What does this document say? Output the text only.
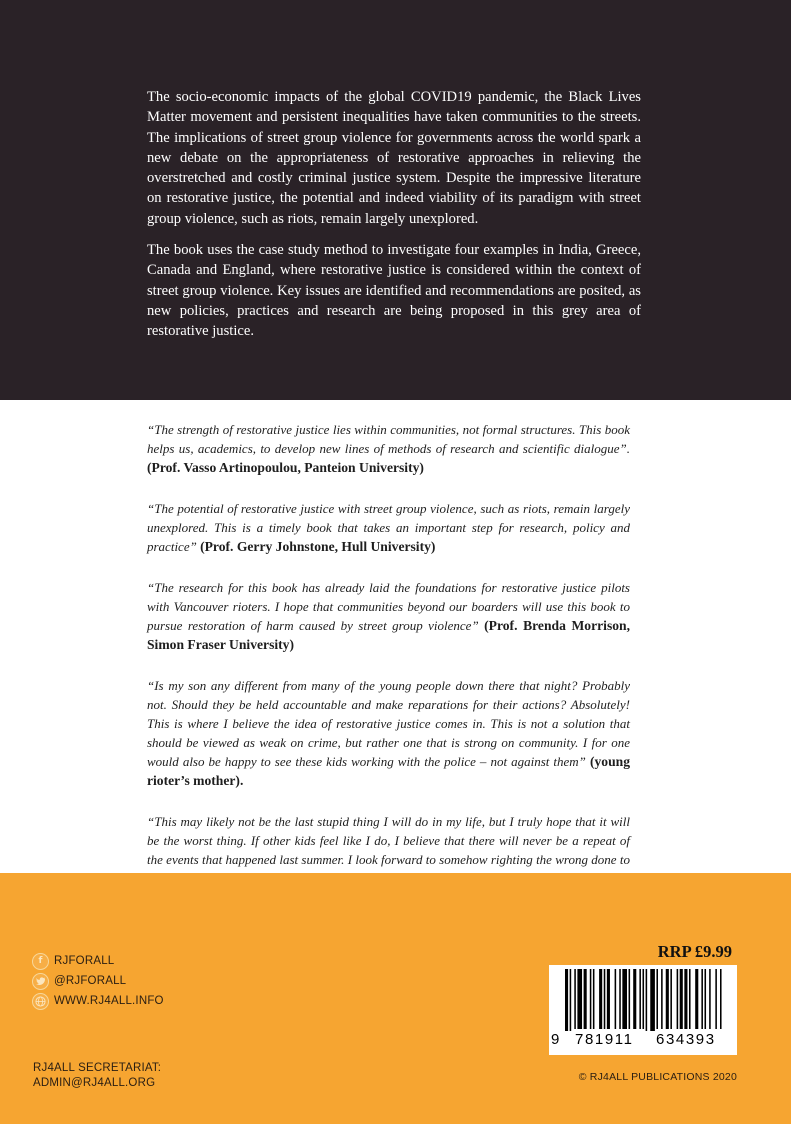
The socio-economic impacts of the global COVID19 pandemic, the Black Lives Matter movement and persistent inequalities have taken communities to the streets. The implications of street group violence for governments across the world spark a new debate on the appropriateness of restorative approaches in relieving the overstretched and costly criminal justice system. Despite the impressive literature on restorative justice, the potential and indeed viability of its paradigm with street group violence, such as riots, remain largely unexplored.

The book uses the case study method to investigate four examples in India, Greece, Canada and England, where restorative justice is considered within the context of street group violence. Key issues are identified and recommendations are posited, as new policies, practices and research are being proposed in this grey area of restorative justice.

“The strength of restorative justice lies within communities, not formal structures. This book helps us, academics, to develop new lines of methods of research and scientific dialogue”. (Prof. Vasso Artinopoulou, Panteion University)
“The potential of restorative justice with street group violence, such as riots, remain largely unexplored. This is a timely book that takes an important step for research, policy and practice” (Prof. Gerry Johnstone, Hull University)
“The research for this book has already laid the foundations for restorative justice pilots with Vancouver rioters. I hope that communities beyond our boarders will use this book to pursue restoration of harm caused by street group violence” (Prof. Brenda Morrison, Simon Fraser University)
“Is my son any different from many of the young people down there that night? Probably not. Should they be held accountable and make reparations for their actions? Absolutely! This is where I believe the idea of restorative justice comes in. This is not a solution that should be viewed as weak on crime, but rather one that is strong on community. I for one would also be happy to see these kids working with the police – not against them” (young rioter’s mother).
“This may likely not be the last stupid thing I will do in my life, but I truly hope that it will be the worst thing. If other kids feel like I do, I believe that there will never be a repeat of the events that happened last summer. I look forward to somehow righting the wrong done to
f	RJFORALL
@RJFORALL
WWW.RJ4ALL.INFO
RJ4ALL SECRETARIAT:
ADMIN@RJ4ALL.ORG
RRP £9.99
9 781911 634393
© RJ4ALL PUBLICATIONS 2020
